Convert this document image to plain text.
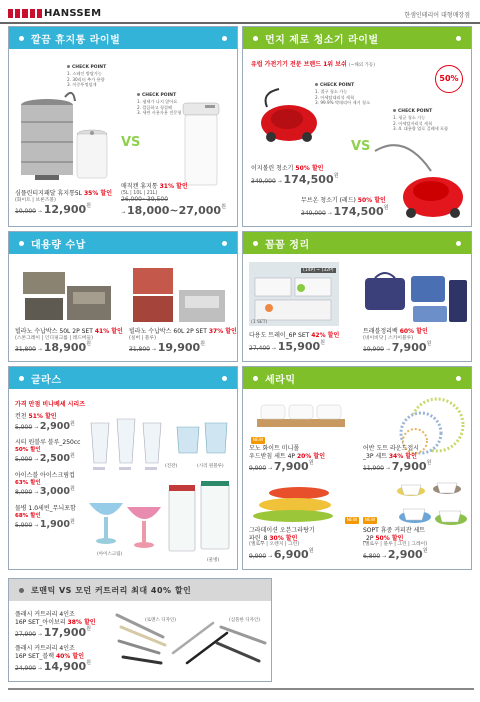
HANSSEM	한샘인테리어 대형매장점
깔끔 휴지통 라이벌
CHECK POINT
1. 스테인 방탈가능
2. 30리터 추가 용량
3. 이중뚜껑덮개
CHECK POINT
1. 냄새가 나지 않아요
2. 깔끔하고 청결해
3. 세련 사용자용 전문형
VS
심플린티지패달 휴지통5L 35% 할인
(화이트 | 브론즈볼)
10,000 → 12,900원
매직캔 휴지통 31% 할인
(5L | 10L | 21L)
26,000~39,500
→ 18,000~27,000원
먼지 제로 청소기 라이벌
유럽 가전기기 전문 브랜드 1위 보쉬 (~해외 가등)
50%
CHECK POINT
1. 절구 청소 가능
2. 아세탈대리석 세척
3. 99.9% 박테리아 제거 청소
CHECK POINT
1. 평균 청소 가능
2. 아세탈자리석 세척
3. 4. 대용량 업로 걸레세 포함
VS
이지볼린 청소기 50% 할인
349,000 → 174,500원
무브온 청소기 (레드) 50% 할인
349,000 → 174,500원
대용량 수납
빌라노 수납박스 50L 2P SET 41% 할인
(스톤그레이 | 인디핑크를 | 레드버들)
31,800 → 18,900원
빌라노 수납박스 60L 2P SET 37% 할인
(실버 | 블루)
31,800 → 19,900원
꼼꼼 정리
(14P) ~ (32P)
(1 SET)
다용도 트레이_6P SET 42% 할인
27,400 → 15,900원
트래블정리백 60% 할인
(네이비닷 | 스카이블루)
19,900 → 7,900원
글라스
가격 만점 비나베세 시리즈
컨천 51% 할인
5,900 → 2,900원
시티 원블루 블루_250cc
50% 할인
5,000 → 2,500원
아이스블 아이스크림컵
63% 할인
8,000 → 3,000원
물병 1.0세빈_무늬포함
68% 할인
5,900 → 1,900원
(진잔)	(시리 원블루)
(아이스크림)
(물병)
세라믹
NEW
모노 화이트 미니폴
우드받침 세트 4P 20% 할인
9,900 → 7,900원
어반 도트 라운드접시
_3P 세트 34% 할인
11,900 → 7,900원
NEW
그라데이션 오븐그라탕기
파린_8 30% 할인
(옐로우 | 오렌지 | 그린)
9,900 → 6,900원
NEW
SOPT 휴중 커피잔 세트
_2P 50% 할인
(옐로우 | 블루 | 그린 | 그레이)
6,800 → 2,900원
로맨틱 VS 모던 커트러리 최대 40% 할인
플래시 커트러리 4인조
16P SET_아이보리 38% 할인
27,900 → 17,900원
플래시 커트러리 4인조
16P SET_블랙 40% 할인
24,900 → 14,900원
(로맨스 디자인)	(심플한 디자인)
